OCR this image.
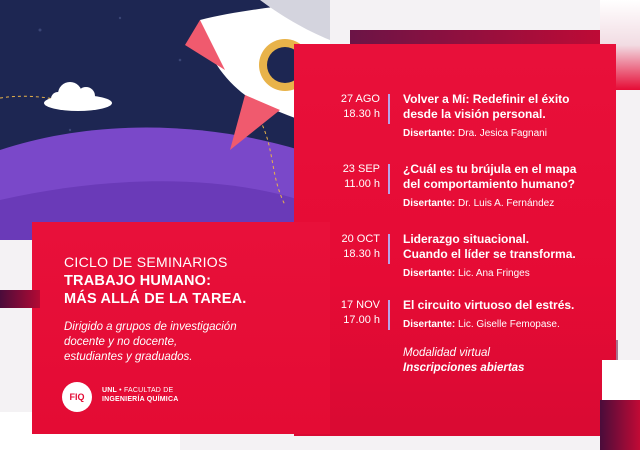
27 AGO
18.30 h
Volver a Mí: Redefinir el éxito
desde la visión personal.
Disertante: Dra. Jesica Fagnani
23 SEP
11.00 h
¿Cuál es tu brújula en el mapa
del comportamiento humano?
Disertante: Dr. Luis A. Fernández
20 OCT
18.30 h
Liderazgo situacional.
Cuando el líder se transforma.
Disertante: Lic. Ana Fringes
17 NOV
17.00 h
El circuito virtuoso del estrés.
Disertante: Lic. Giselle Femopase.
Modalidad virtual
Inscripciones abiertas
CICLO DE SEMINARIOS
TRABAJO HUMANO:
MÁS ALLÁ DE LA TAREA.
Dirigido a grupos de investigación
docente y no docente,
estudiantes y graduados.
FIQ
UNL • FACULTAD DE
INGENIERÍA QUÍMICA
